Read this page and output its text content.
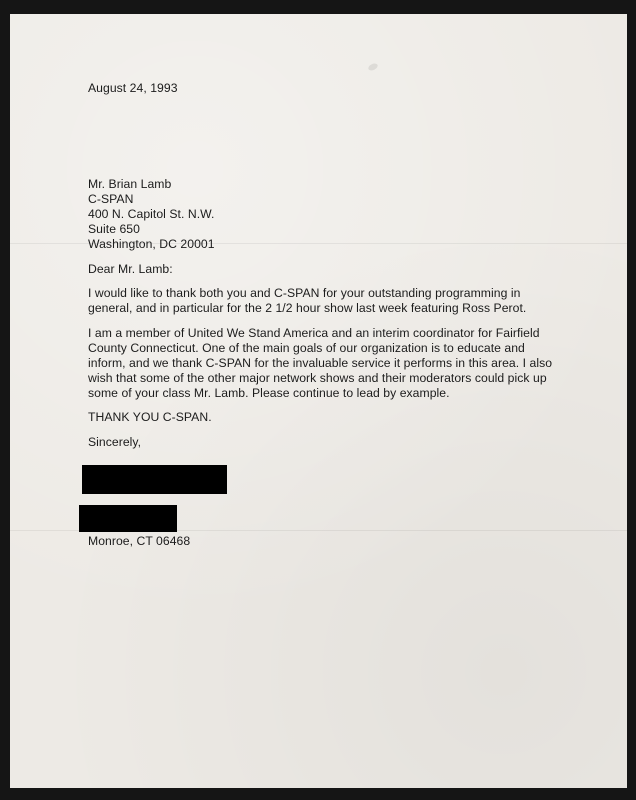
August 24, 1993

Mr. Brian Lamb
C-SPAN
400 N. Capitol St. N.W.
Suite 650
Washington, DC 20001

Dear Mr. Lamb:

I would like to thank both you and C-SPAN for your outstanding programming in
general, and in particular for the 2 1/2 hour show last week featuring Ross Perot.
I am a member of United We Stand America and an interim coordinator for Fairfield
County Connecticut. One of the main goals of our organization is to educate and
inform, and we thank C-SPAN for the invaluable service it performs in this area. I also
wish that some of the other major network shows and their moderators could pick up
some of your class Mr. Lamb. Please continue to lead by example.

THANK YOU C-SPAN.

Sincerely,

Monroe, CT 06468
